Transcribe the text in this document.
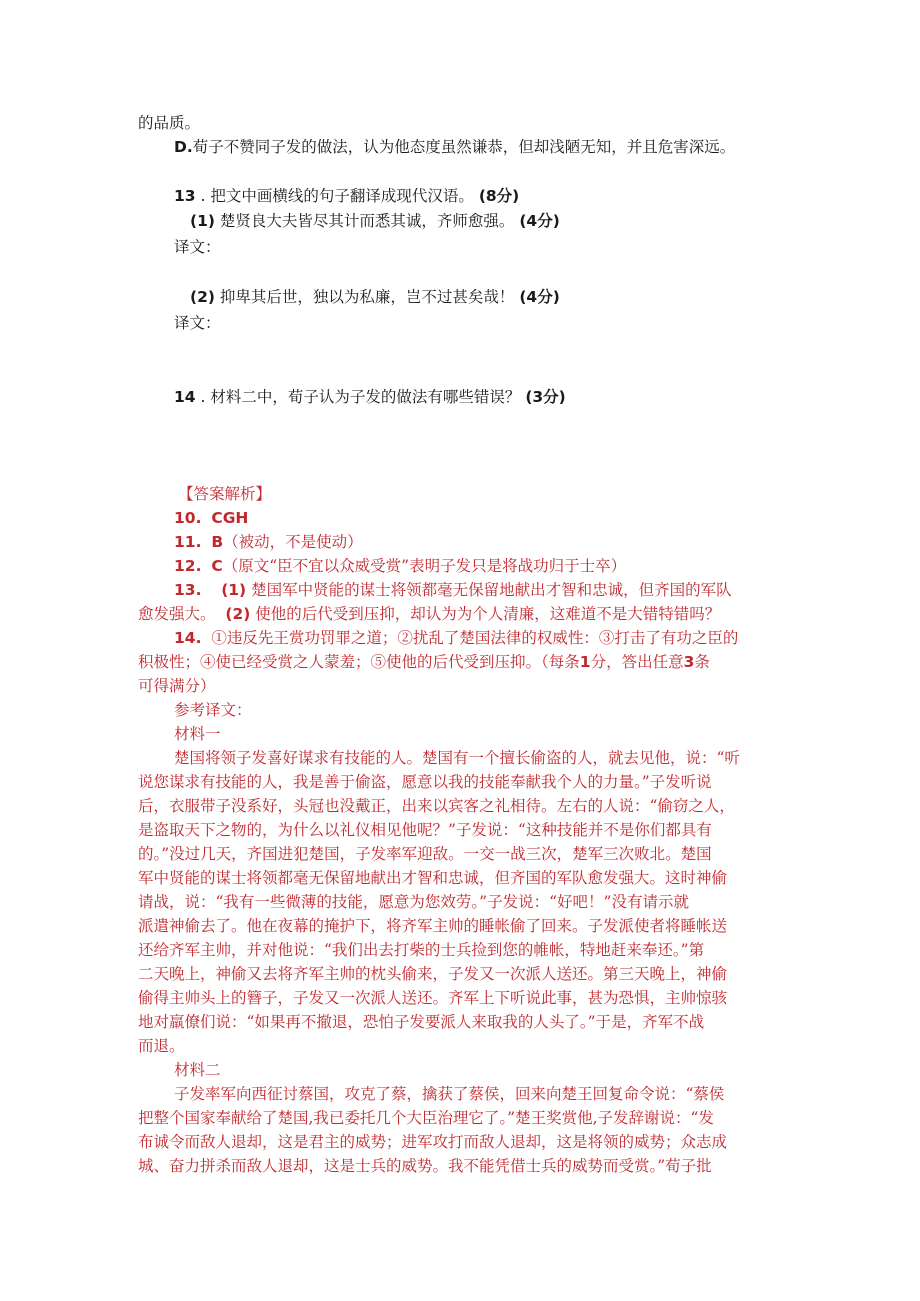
的品质。
D.荀子不赞同子发的做法，认为他态度虽然谦恭，但却浅陋无知，并且危害深远。
13 . 把文中画横线的句子翻译成现代汉语。 (8分)
(1) 楚贤良大夫皆尽其计而悉其诚，齐师愈强。 (4分)
译文：
(2) 抑卑其后世，独以为私廉，岂不过甚矣哉！ (4分)
译文：
14 . 材料二中，荀子认为子发的做法有哪些错误？ (3分)
【答案解析】
10. CGH
11. B（被动，不是使动）
12. C（原文“臣不宜以众威受赏”表明子发只是将战功归于士卒）
13. (1) 楚国军中贤能的谋士将领都毫无保留地献出才智和忠诚，但齐国的军队
愈发强大。 (2) 使他的后代受到压抑，却认为为个人清廉，这难道不是大错特错吗？
14. ①违反先王赏功罚罪之道；②扰乱了楚国法律的权威性：③打击了有功之臣的
积极性；④使已经受赏之人蒙羞；⑤使他的后代受到压抑。（每条1分，答出任意3条
可得满分）
参考译文：
材料一
楚国将领子发喜好谋求有技能的人。楚国有一个擅长偷盗的人，就去见他，说：“听
说您谋求有技能的人，我是善于偷盗，愿意以我的技能奉献我个人的力量。”子发听说
后，衣服带子没系好，头冠也没戴正，出来以宾客之礼相待。左右的人说：“偷窃之人，
是盗取天下之物的，为什么以礼仪相见他呢？”子发说：“这种技能并不是你们都具有
的。”没过几天，齐国进犯楚国，子发率军迎敌。一交一战三次，楚军三次败北。楚国
军中贤能的谋士将领都毫无保留地献出才智和忠诚，但齐国的军队愈发强大。这时神偷
请战，说：“我有一些微薄的技能，愿意为您效劳。”子发说：“好吧！”没有请示就
派遣神偷去了。他在夜幕的掩护下，将齐军主帅的睡帐偷了回来。子发派使者将睡帐送
还给齐军主帅，并对他说：“我们出去打柴的士兵捡到您的帷帐，特地赶来奉还。”第
二天晚上，神偷又去将齐军主帅的枕头偷来，子发又一次派人送还。第三天晚上，神偷
偷得主帅头上的簪子，子发又一次派人送还。齐军上下听说此事，甚为恐惧，主帅惊骇
地对羸僚们说：“如果再不撤退，恐怕子发要派人来取我的人头了。”于是，齐军不战
而退。
材料二
子发率军向西征讨蔡国，攻克了蔡，擒获了蔡侯，回来向楚王回复命令说：“蔡侯
把整个国家奉献给了楚国,我已委托几个大臣治理它了。”楚王奖赏他,子发辞谢说：“发
布诚令而敌人退却，这是君主的威势；进军攻打而敌人退却，这是将领的威势；众志成
城、奋力拼杀而敌人退却，这是士兵的威势。我不能凭借士兵的威势而受赏。”荀子批
